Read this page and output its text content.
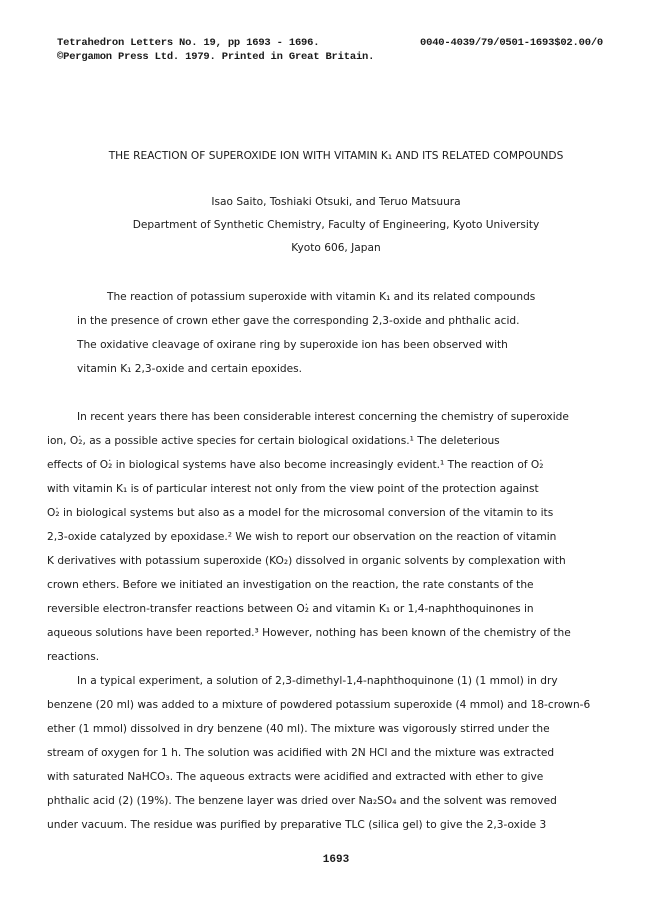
Tetrahedron Letters No. 19, pp 1693 - 1696.
©Pergamon Press Ltd. 1979. Printed in Great Britain.
0040-4039/79/0501-1693$02.00/0
THE REACTION OF SUPEROXIDE ION WITH VITAMIN K₁ AND ITS RELATED COMPOUNDS
Isao Saito, Toshiaki Otsuki, and Teruo Matsuura
Department of Synthetic Chemistry, Faculty of Engineering, Kyoto University
Kyoto 606, Japan
The reaction of potassium superoxide with vitamin K₁ and its related compounds
in the presence of crown ether gave the corresponding 2,3-oxide and phthalic acid.
The oxidative cleavage of oxirane ring by superoxide ion has been observed with
vitamin K₁ 2,3-oxide and certain epoxides.
In recent years there has been considerable interest concerning the chemistry of superoxide
ion, O₂̇, as a possible active species for certain biological oxidations.¹ The deleterious
effects of O₂̇ in biological systems have also become increasingly evident.¹ The reaction of O₂̇
with vitamin K₁ is of particular interest not only from the view point of the protection against
O₂̇ in biological systems but also as a model for the microsomal conversion of the vitamin to its
2,3-oxide catalyzed by epoxidase.² We wish to report our observation on the reaction of vitamin
K derivatives with potassium superoxide (KO₂) dissolved in organic solvents by complexation with
crown ethers. Before we initiated an investigation on the reaction, the rate constants of the
reversible electron-transfer reactions between O₂̇ and vitamin K₁ or 1,4-naphthoquinones in
aqueous solutions have been reported.³ However, nothing has been known of the chemistry of the
reactions.
In a typical experiment, a solution of 2,3-dimethyl-1,4-naphthoquinone (1) (1 mmol) in dry
benzene (20 ml) was added to a mixture of powdered potassium superoxide (4 mmol) and 18-crown-6
ether (1 mmol) dissolved in dry benzene (40 ml). The mixture was vigorously stirred under the
stream of oxygen for 1 h. The solution was acidified with 2N HCl and the mixture was extracted
with saturated NaHCO₃. The aqueous extracts were acidified and extracted with ether to give
phthalic acid (2) (19%). The benzene layer was dried over Na₂SO₄ and the solvent was removed
under vacuum. The residue was purified by preparative TLC (silica gel) to give the 2,3-oxide 3
1693
